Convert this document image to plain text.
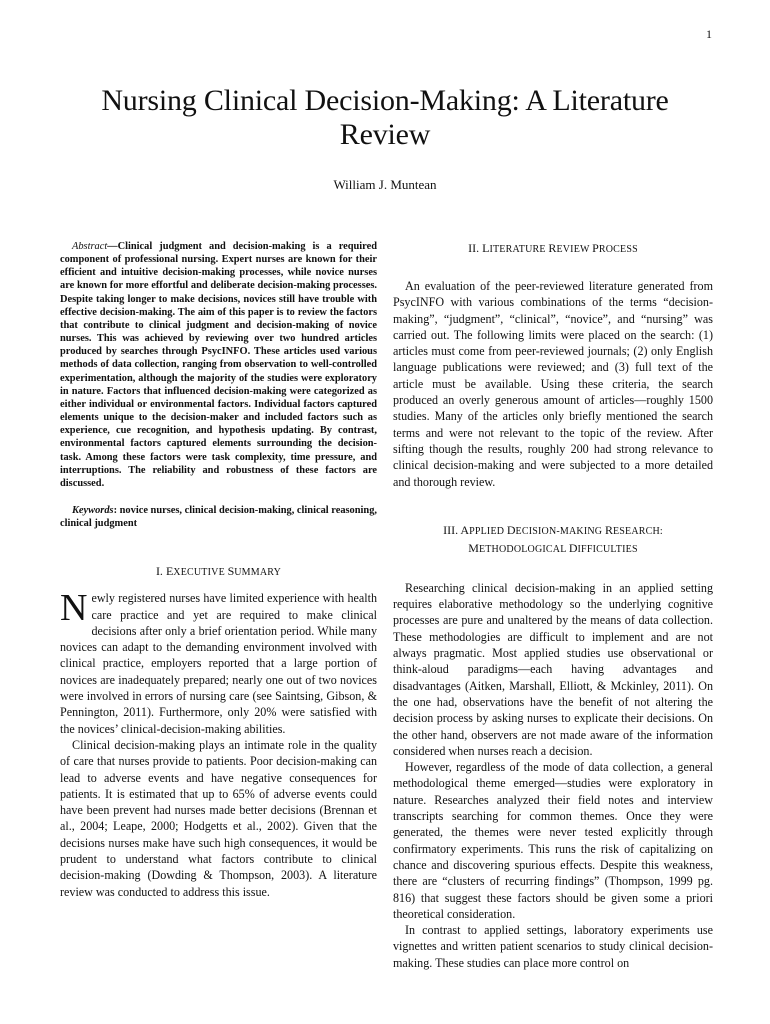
1
Nursing Clinical Decision-Making: A Literature
Review
William J. Muntean

Abstract—Clinical judgment and decision-making is a required component of professional nursing. Expert nurses are known for their efficient and intuitive decision-making processes, while novice nurses are known for more effortful and deliberate decision-making processes. Despite taking longer to make decisions, novices still have trouble with effective decision-making. The aim of this paper is to review the factors that contribute to clinical judgment and decision-making of novice nurses. This was achieved by reviewing over two hundred articles produced by searches through PsycINFO. These articles used various methods of data collection, ranging from observation to well-controlled experimentation, although the majority of the studies were exploratory in nature. Factors that influenced decision-making were categorized as either individual or environmental factors. Individual factors captured elements unique to the decision-maker and included factors such as experience, cue recognition, and hypothesis updating. By contrast, environmental factors captured elements surrounding the decision-task. Among these factors were task complexity, time pressure, and interruptions. The reliability and robustness of these factors are discussed.

Keywords: novice nurses, clinical decision-making, clinical reasoning, clinical judgment

I. EXECUTIVE SUMMARY
N ewly registered nurses have limited experience with health care practice and yet are required to make clinical decisions after only a brief orientation period. While many novices can adapt to the demanding environment involved with clinical practice, employers reported that a large portion of novices are inadequately prepared; nearly one out of two novices were involved in errors of nursing care (see Saintsing, Gibson, & Pennington, 2011). Furthermore, only 20% were satisfied with the novices’ clinical-decision-making abilities.

Clinical decision-making plays an intimate role in the quality of care that nurses provide to patients. Poor decision-making can lead to adverse events and have negative consequences for patients. It is estimated that up to 65% of adverse events could have been prevent had nurses made better decisions (Brennan et al., 2004; Leape, 2000; Hodgetts et al., 2002). Given that the decisions nurses make have such high consequences, it would be prudent to understand what factors contribute to clinical decision-making (Dowding & Thompson, 2003). A literature review was conducted to address this issue.

II. LITERATURE REVIEW PROCESS

An evaluation of the peer-reviewed literature generated from PsycINFO with various combinations of the terms “decision-making”, “judgment”, “clinical”, “novice”, and “nursing” was carried out. The following limits were placed on the search: (1) articles must come from peer-reviewed journals; (2) only English language publications were reviewed; and (3) full text of the article must be available. Using these criteria, the search produced an overly generous amount of articles—roughly 1500 studies. Many of the articles only briefly mentioned the search terms and were not relevant to the topic of the review. After sifting though the results, roughly 200 had strong relevance to clinical decision-making and were subjected to a more detailed and thorough review.

III. APPLIED DECISION-MAKING RESEARCH:
METHODOLOGICAL DIFFICULTIES

Researching clinical decision-making in an applied setting requires elaborative methodology so the underlying cognitive processes are pure and unaltered by the means of data collection. These methodologies are difficult to implement and are not always pragmatic. Most applied studies use observational or think-aloud paradigms—each having advantages and disadvantages (Aitken, Marshall, Elliott, & Mckinley, 2011). On the one had, observations have the benefit of not altering the decision process by asking nurses to explicate their decisions. On the other hand, observers are not made aware of the information considered when nurses reach a decision.

However, regardless of the mode of data collection, a general methodological theme emerged—studies were exploratory in nature. Researches analyzed their field notes and interview transcripts searching for common themes. Once they were generated, the themes were never tested explicitly through confirmatory experiments. This runs the risk of capitalizing on chance and discovering spurious effects. Despite this weakness, there are “clusters of recurring findings” (Thompson, 1999 pg. 816) that suggest these factors should be given some a priori theoretical consideration.

In contrast to applied settings, laboratory experiments use vignettes and written patient scenarios to study clinical decision-making. These studies can place more control on
